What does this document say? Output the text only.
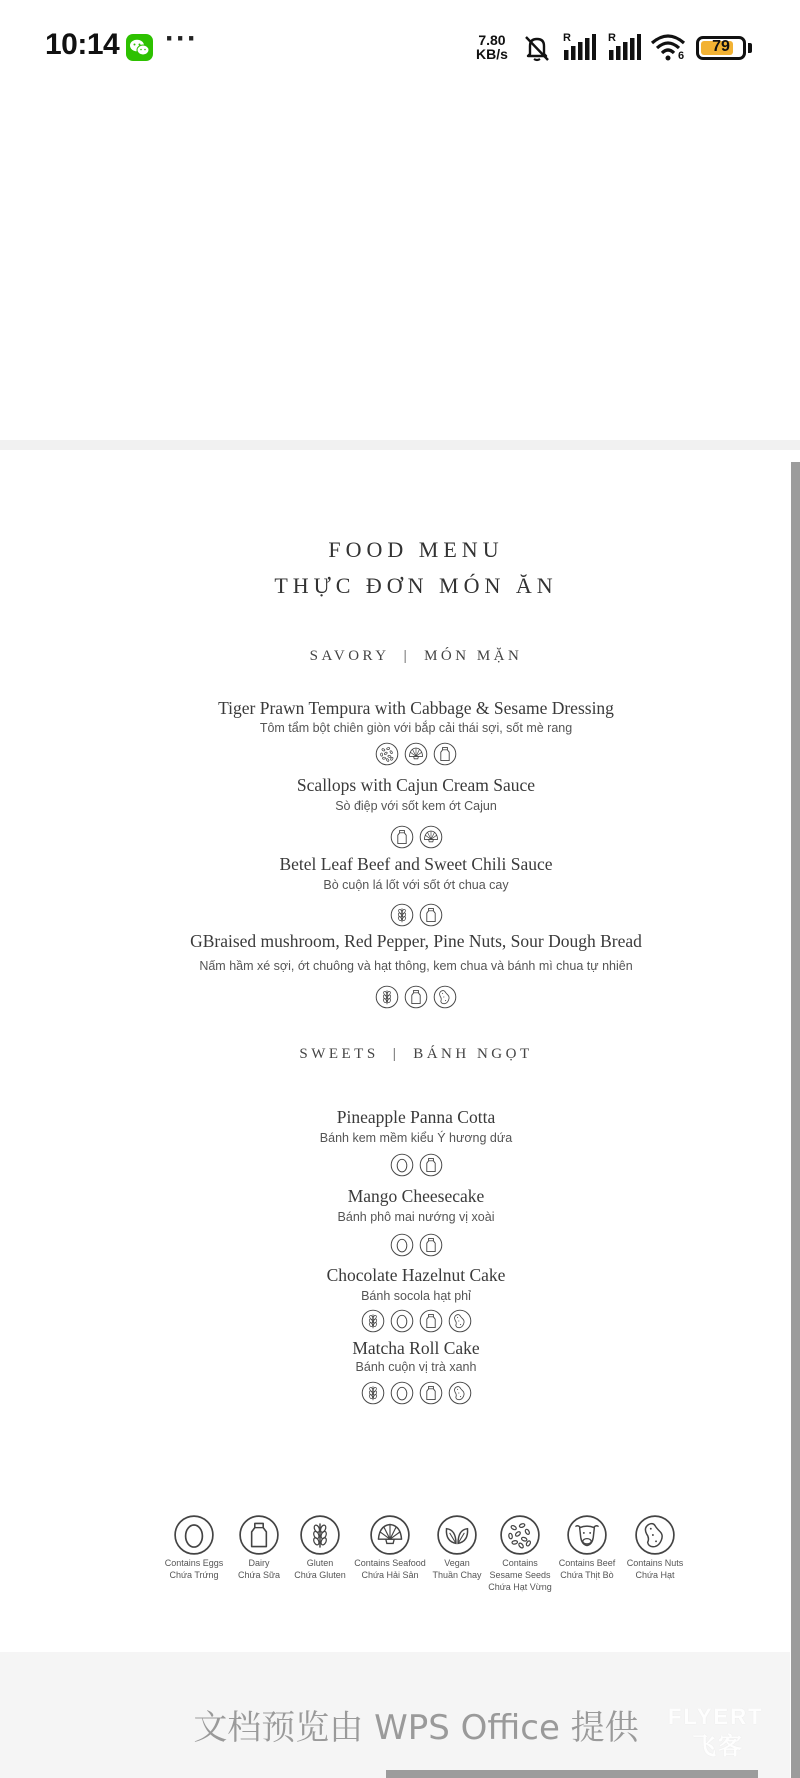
10:14 ···	7.80
KB/s
R	R
6
79
FOOD MENU
THỰC ĐƠN MÓN ĂN
SAVORY | MÓN MẶN
Tiger Prawn Tempura with Cabbage & Sesame Dressing
Tôm tẩm bột chiên giòn với bắp cải thái sợi, sốt mè rang
Scallops with Cajun Cream Sauce
Sò điệp với sốt kem ớt Cajun
Betel Leaf Beef and Sweet Chili Sauce
Bò cuộn lá lốt với sốt ớt chua cay
GBraised mushroom, Red Pepper, Pine Nuts, Sour Dough Bread
Nấm hầm xé sợi, ớt chuông và hạt thông, kem chua và bánh mì chua tự nhiên
SWEETS | BÁNH NGỌT
Pineapple Panna Cotta
Bánh kem mềm kiểu Ý hương dứa
Mango Cheesecake
Bánh phô mai nướng vị xoài
Chocolate Hazelnut Cake
Bánh socola hạt phỉ
Matcha Roll Cake
Bánh cuộn vị trà xanh
Contains Eggs
Chứa Trứng
Dairy
Chứa Sữa
Gluten
Chứa Gluten
Contains Seafood
Chứa Hải Sản
Vegan
Thuần Chay
Contains
Sesame Seeds
Chứa Hạt Vừng
Contains Beef
Chứa Thịt Bò
Contains Nuts
Chứa Hạt
文档预览由 WPS Office 提供	FLYERT
飞客
